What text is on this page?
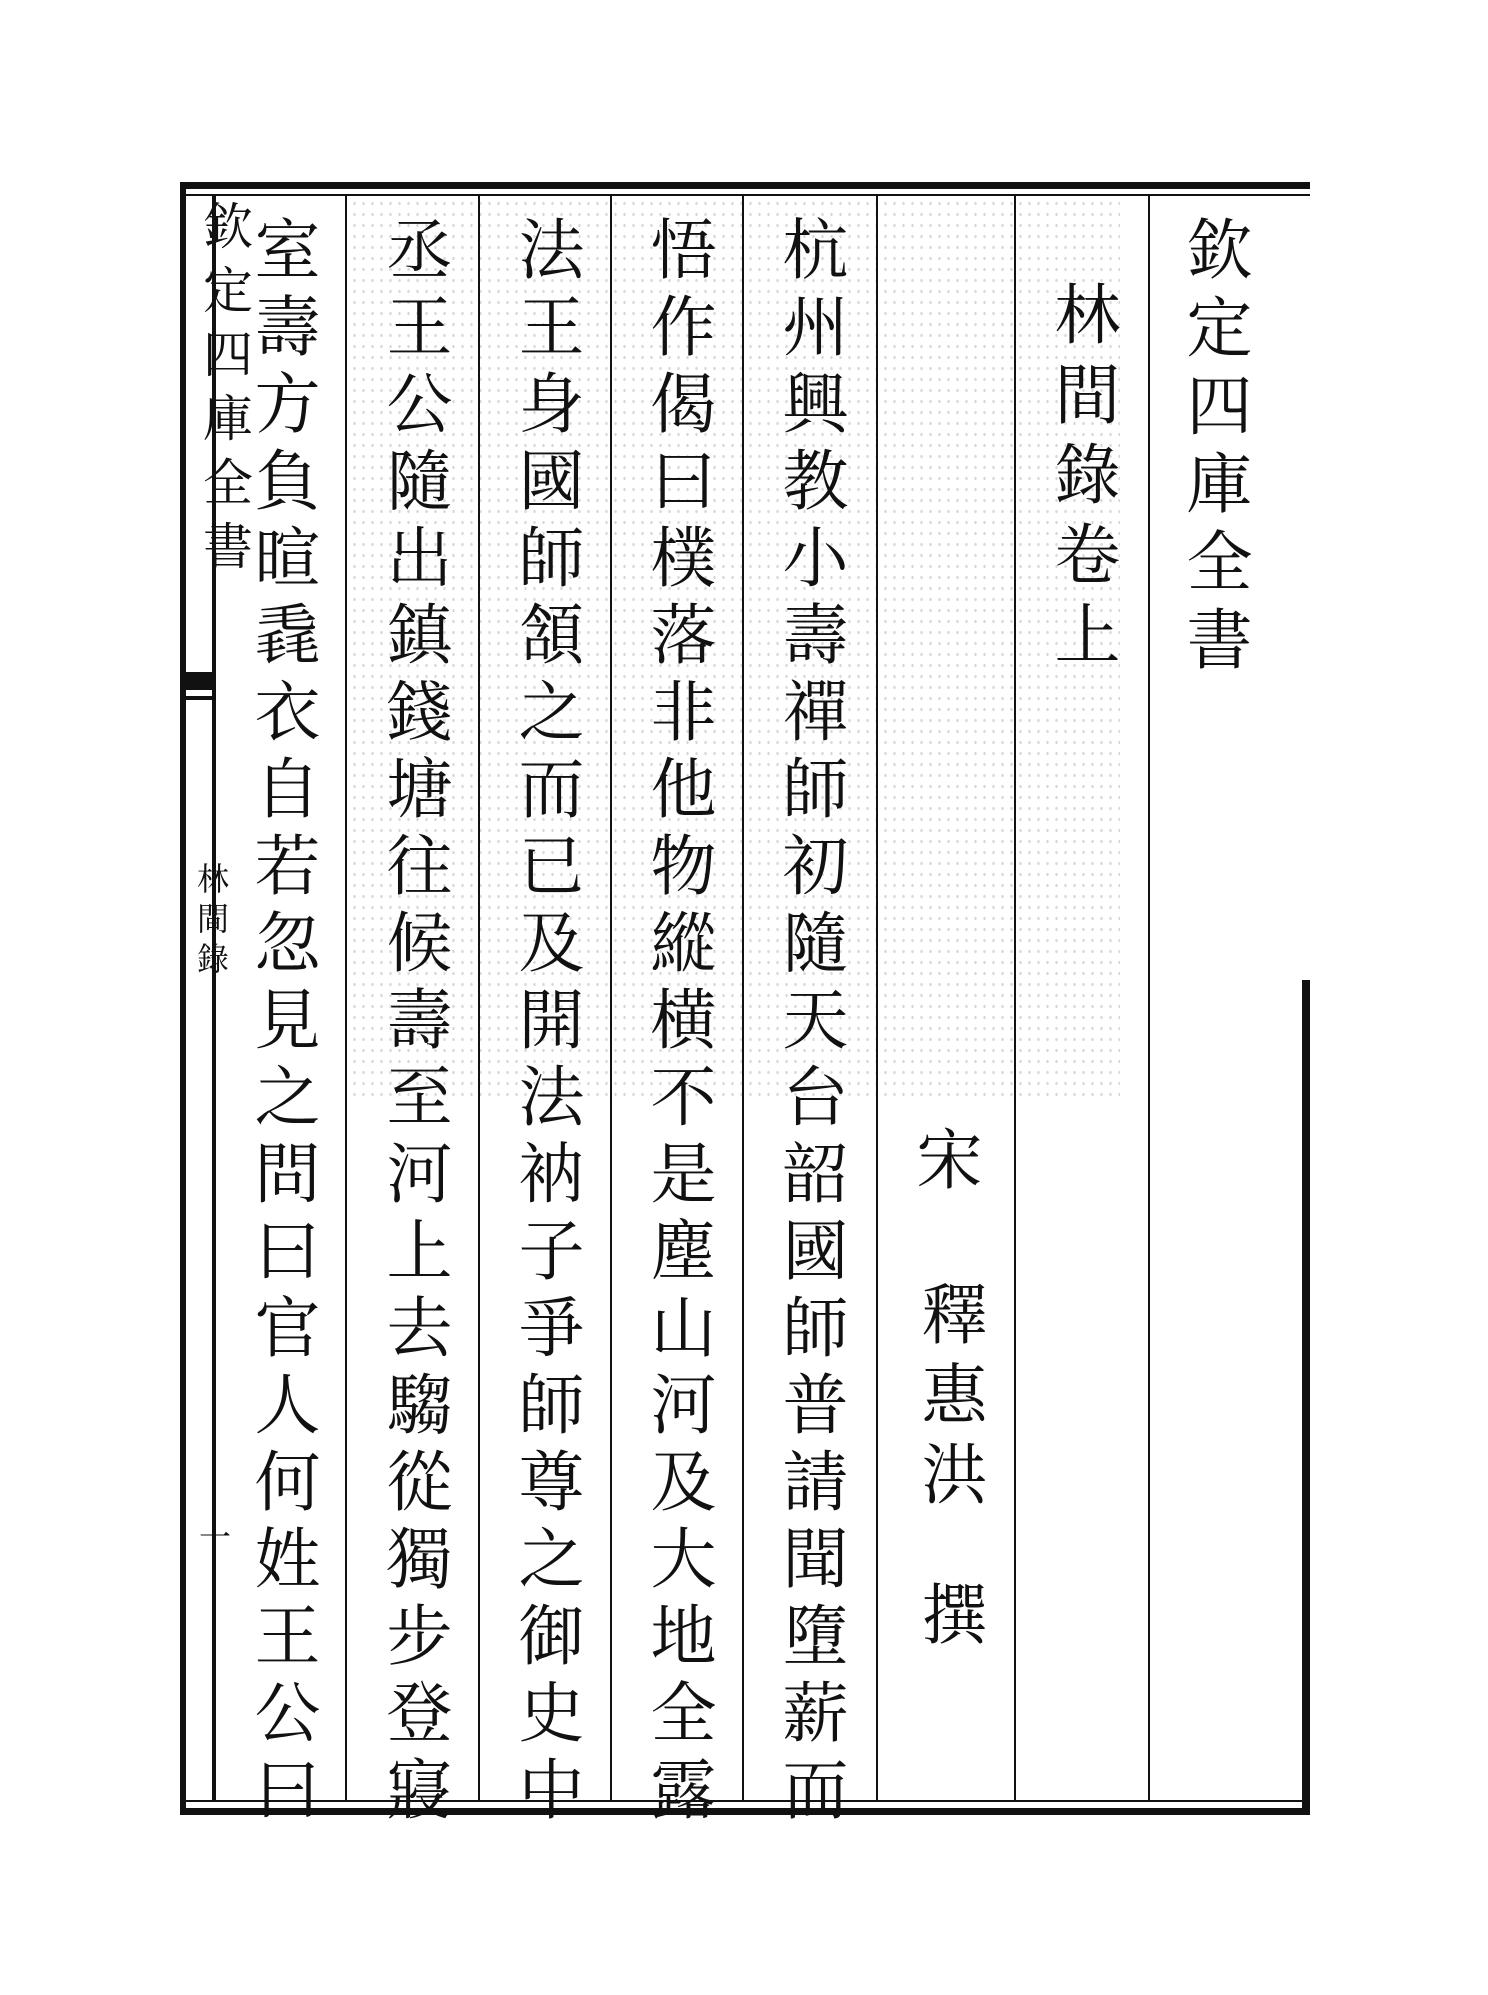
欽定四庫全書
林間錄
一
欽定四庫全書
林間錄卷上
宋
釋惠洪
撰
杭州興教小壽禪師初隨天台韶國師普請聞墮薪而
悟作偈曰樸落非他物縱横不是塵山河及大地全露
法王身國師頷之而已及開法衲子爭師尊之御史中
丞王公隨出鎮錢塘往候壽至河上去騶從獨步登寢
室壽方負暄毳衣自若忽見之問曰官人何姓王公曰
